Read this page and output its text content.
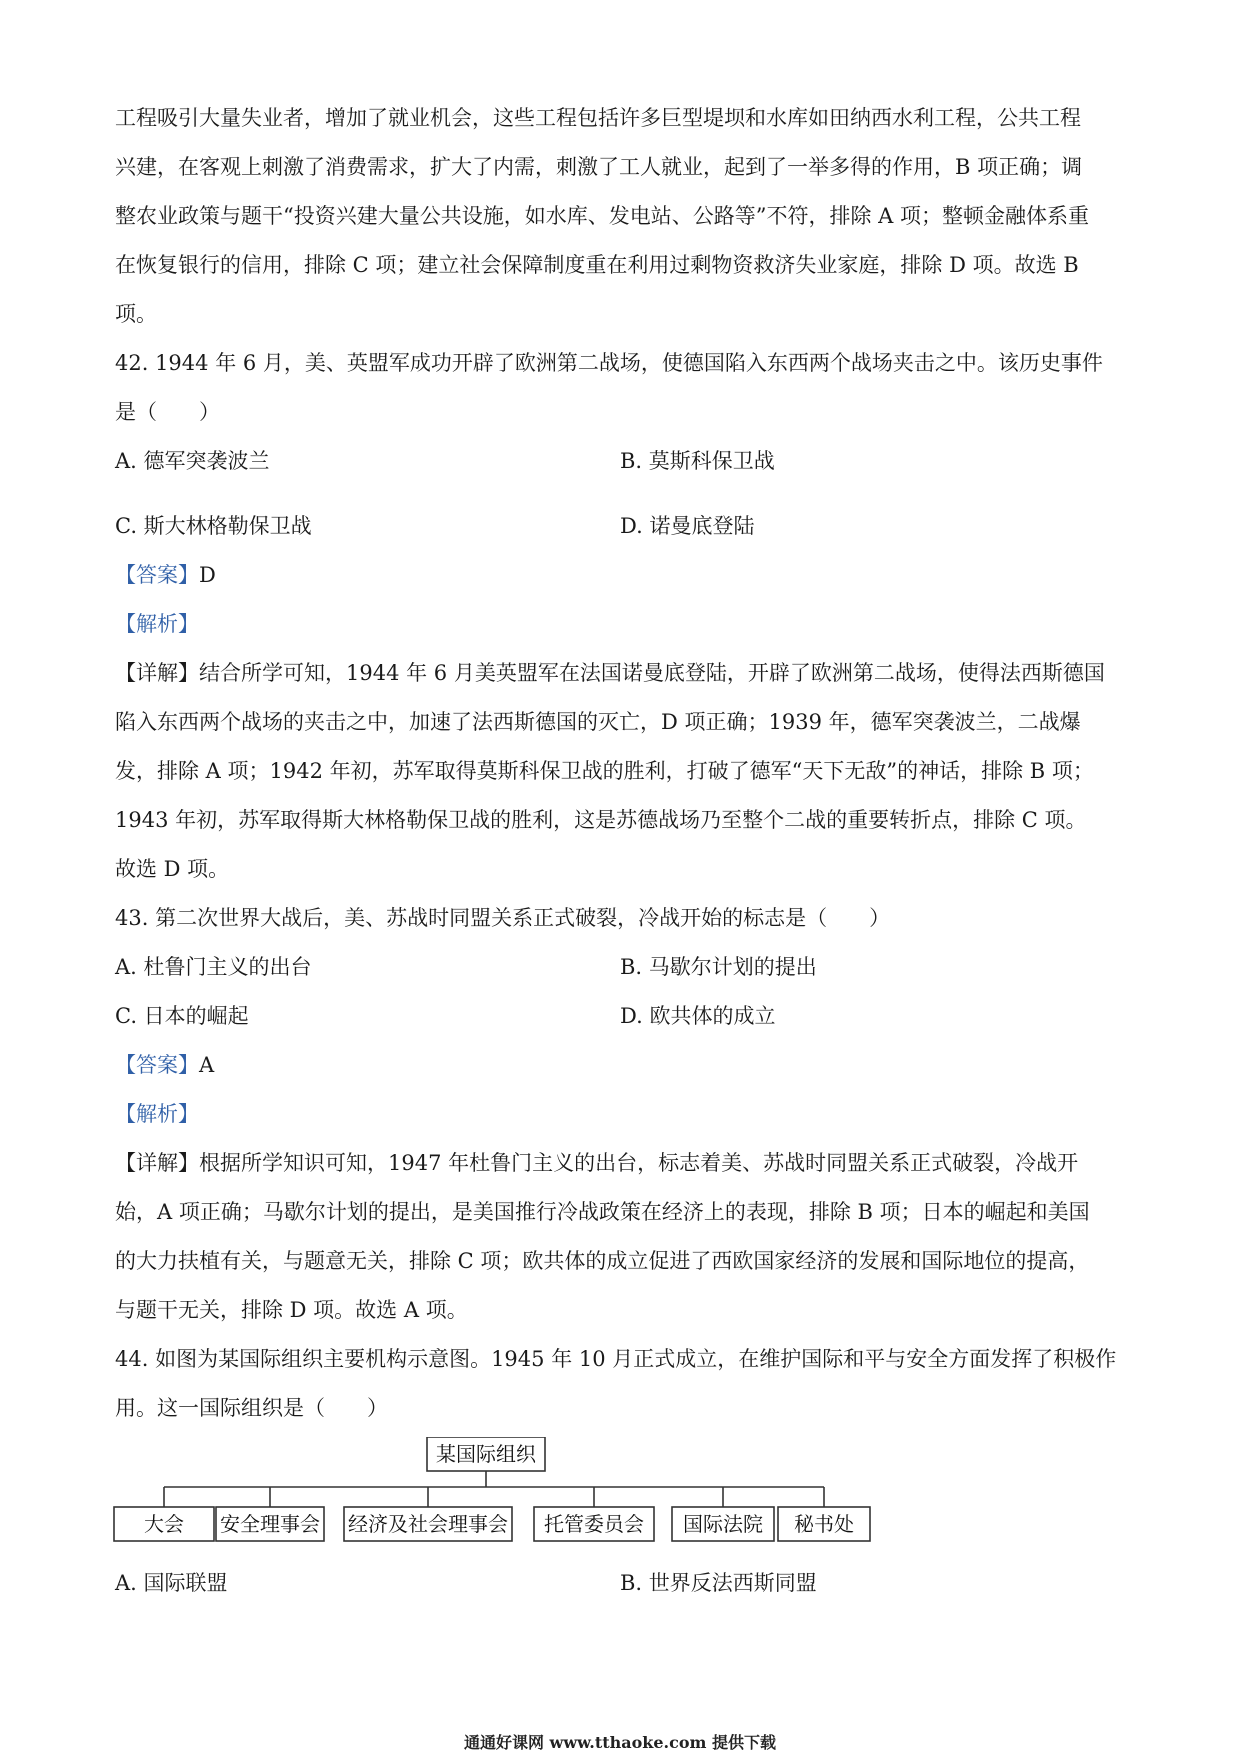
工程吸引大量失业者，增加了就业机会，这些工程包括许多巨型堤坝和水库如田纳西水利工程，公共工程
兴建，在客观上刺激了消费需求，扩大了内需，刺激了工人就业，起到了一举多得的作用，B 项正确；调
整农业政策与题干“投资兴建大量公共设施，如水库、发电站、公路等”不符，排除 A 项；整顿金融体系重
在恢复银行的信用，排除 C 项；建立社会保障制度重在利用过剩物资救济失业家庭，排除 D 项。故选 B
项。
42. 1944 年 6 月，美、英盟军成功开辟了欧洲第二战场，使德国陷入东西两个战场夹击之中。该历史事件
是（　　）
A. 德军突袭波兰	B. 莫斯科保卫战
C. 斯大林格勒保卫战	D. 诺曼底登陆
【答案】D
【解析】
【详解】结合所学可知，1944 年 6 月美英盟军在法国诺曼底登陆，开辟了欧洲第二战场，使得法西斯德国
陷入东西两个战场的夹击之中，加速了法西斯德国的灭亡，D 项正确；1939 年，德军突袭波兰，二战爆
发，排除 A 项；1942 年初，苏军取得莫斯科保卫战的胜利，打破了德军“天下无敌”的神话，排除 B 项；
1943 年初，苏军取得斯大林格勒保卫战的胜利，这是苏德战场乃至整个二战的重要转折点，排除 C 项。
故选 D 项。
43. 第二次世界大战后，美、苏战时同盟关系正式破裂，冷战开始的标志是（　　）
A. 杜鲁门主义的出台	B. 马歇尔计划的提出
C. 日本的崛起	D. 欧共体的成立
【答案】A
【解析】
【详解】根据所学知识可知，1947 年杜鲁门主义的出台，标志着美、苏战时同盟关系正式破裂，冷战开
始，A 项正确；马歇尔计划的提出，是美国推行冷战政策在经济上的表现，排除 B 项；日本的崛起和美国
的大力扶植有关，与题意无关，排除 C 项；欧共体的成立促进了西欧国家经济的发展和国际地位的提高，
与题干无关，排除 D 项。故选 A 项。
44. 如图为某国际组织主要机构示意图。1945 年 10 月正式成立，在维护国际和平与安全方面发挥了积极作
用。这一国际组织是（　　）
某国际组织
大会 安全理事会 经济及社会理事会 托管委员会 国际法院 秘书处
A. 国际联盟	B. 世界反法西斯同盟
通通好课网 www.tthaoke.com 提供下载
